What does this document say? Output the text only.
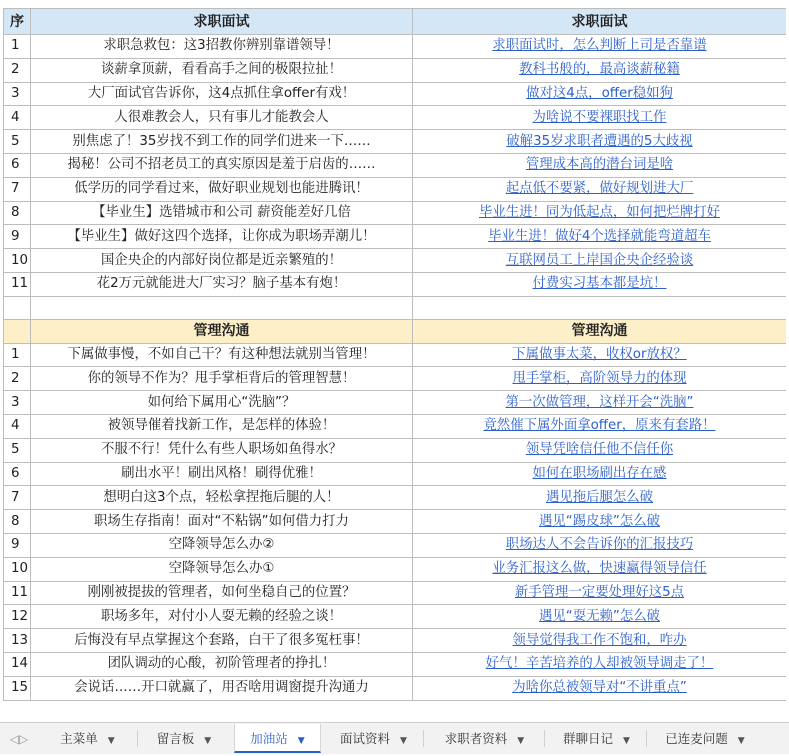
序	求职面试	求职面试
1	求职急救包：这3招教你辨别靠谱领导！	求职面试时，怎么判断上司是否靠谱
2	谈薪拿顶薪，看看高手之间的极限拉扯！	教科书般的，最高谈薪秘籍
3	大厂面试官告诉你，这4点抓住拿offer有戏！	做对这4点，offer稳如狗
4	人很难教会人，只有事儿才能教会人	为啥说不要裸职找工作
5	别焦虑了！35岁找不到工作的同学们进来一下……	破解35岁求职者遭遇的5大歧视
6	揭秘！公司不招老员工的真实原因是羞于启齿的……	管理成本高的潜台词是啥
7	低学历的同学看过来，做好职业规划也能进腾讯！	起点低不要紧，做好规划进大厂
8	【毕业生】选错城市和公司 薪资能差好几倍	毕业生进！同为低起点，如何把烂牌打好
9	【毕业生】做好这四个选择，让你成为职场弄潮儿！	毕业生进！做好4个选择就能弯道超车
10	国企央企的内部好岗位都是近亲繁殖的！	互联网员工上岸国企央企经验谈
11	花2万元就能进大厂实习？脑子基本有炮！	付费实习基本都是坑！

	管理沟通	管理沟通
1	下属做事慢，不如自己干？有这种想法就别当管理！	下属做事太菜，收权or放权？
2	你的领导不作为？甩手掌柜背后的管理智慧！	甩手掌柜，高阶领导力的体现
3	如何给下属用心“洗脑”？	第一次做管理，这样开会“洗脑”
4	被领导催着找新工作，是怎样的体验！	竟然催下属外面拿offer，原来有套路！
5	不服不行！凭什么有些人职场如鱼得水？	领导凭啥信任他不信任你
6	刷出水平！刷出风格！刷得优雅！	如何在职场刷出存在感
7	想明白这3个点，轻松拿捏拖后腿的人！	遇见拖后腿怎么破
8	职场生存指南！面对“不粘锅”如何借力打力	遇见“踢皮球”怎么破
9	空降领导怎么办②	职场达人不会告诉你的汇报技巧
10	空降领导怎么办①	业务汇报这么做，快速赢得领导信任
11	刚刚被提拔的管理者，如何坐稳自己的位置？	新手管理一定要处理好这5点
12	职场多年，对付小人耍无赖的经验之谈！	遇见“耍无赖”怎么破
13	后悔没有早点掌握这个套路，白干了很多冤枉事！	领导觉得我工作不饱和，咋办
14	团队调动的心酸，初阶管理者的挣扎！	好气！辛苦培养的人却被领导调走了！
15	会说话……开口就赢了，用否啥用调窗提升沟通力	为啥你总被领导对“不讲重点”
◁▷	主菜单 ▼	留言板 ▼	加油站 ▼	面试资料 ▼	求职者资料 ▼	群聊日记 ▼	已连麦问题 ▼
